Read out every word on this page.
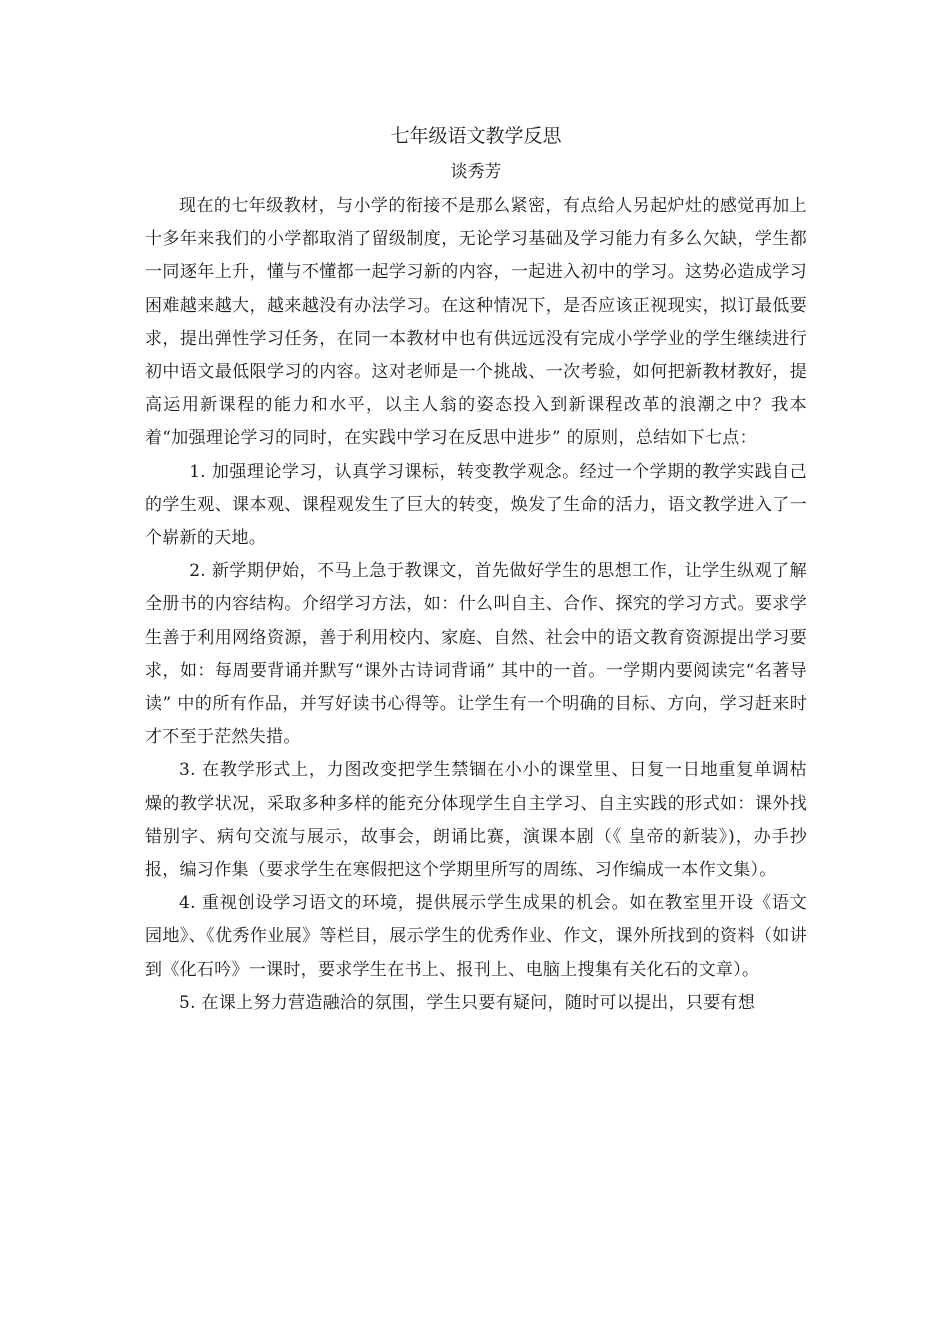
七年级语文教学反思

谈秀芳

现在的七年级教材，与小学的衔接不是那么紧密，有点给人另起炉灶的感觉再加上十多年来我们的小学都取消了留级制度，无论学习基础及学习能力有多么欠缺，学生都一同逐年上升，懂与不懂都一起学习新的内容，一起进入初中的学习。这势必造成学习困难越来越大，越来越没有办法学习。在这种情况下，是否应该正视现实，拟订最低要求，提出弹性学习任务，在同一本教材中也有供远远没有完成小学学业的学生继续进行初中语文最低限学习的内容。这对老师是一个挑战、一次考验，如何把新教材教好，提高运用新课程的能力和水平，以主人翁的姿态投入到新课程改革的浪潮之中？我本着“加强理论学习的同时，在实践中学习在反思中进步” 的原则，总结如下七点：

1. 加强理论学习，认真学习课标，转变教学观念。经过一个学期的教学实践自己的学生观、课本观、课程观发生了巨大的转变，焕发了生命的活力，语文教学进入了一个崭新的天地。

2. 新学期伊始，不马上急于教课文，首先做好学生的思想工作，让学生纵观了解全册书的内容结构。介绍学习方法，如：什么叫自主、合作、探究的学习方式。要求学生善于利用网络资源，善于利用校内、家庭、自然、社会中的语文教育资源提出学习要求，如：每周要背诵并默写“课外古诗词背诵” 其中的一首。一学期内要阅读完“名著导读” 中的所有作品，并写好读书心得等。让学生有一个明确的目标、方向，学习赶来时才不至于茫然失措。

3. 在教学形式上，力图改变把学生禁锢在小小的课堂里、日复一日地重复单调枯燥的教学状况，采取多种多样的能充分体现学生自主学习、自主实践的形式如：课外找错别字、病句交流与展示，故事会，朗诵比赛，演课本剧（《 皇帝的新装》)，办手抄报，编习作集（要求学生在寒假把这个学期里所写的周练、习作编成一本作文集）。

4. 重视创设学习语文的环境，提供展示学生成果的机会。如在教室里开设《语文园地》、《优秀作业展》等栏目，展示学生的优秀作业、作文，课外所找到的资料（如讲到《化石吟》一课时，要求学生在书上、报刊上、电脑上搜集有关化石的文章）。

5. 在课上努力营造融洽的氛围，学生只要有疑问，随时可以提出，只要有想
